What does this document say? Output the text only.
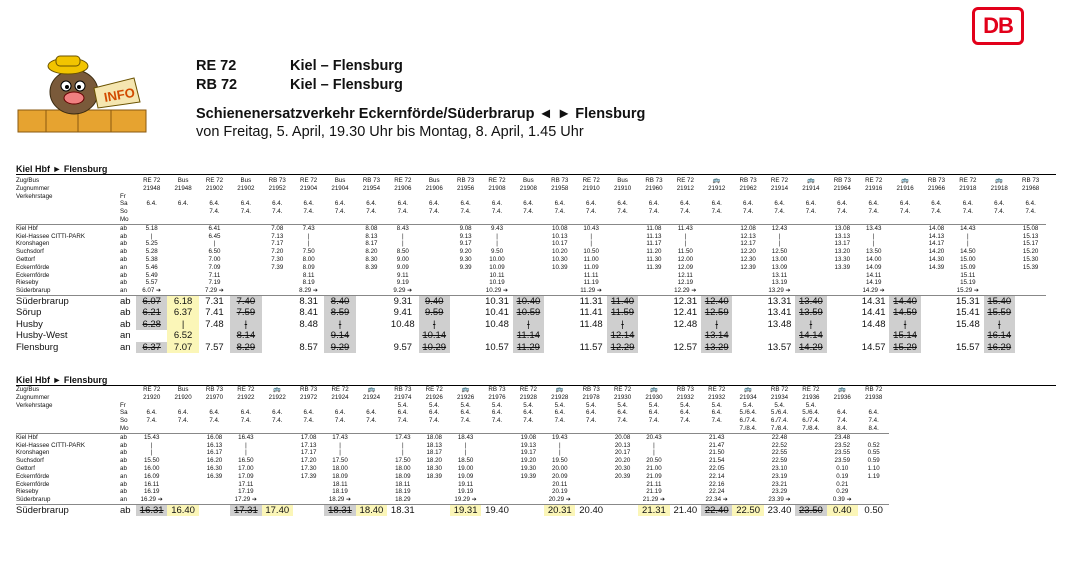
DB
INFO
RE 72	Kiel – Flensburg
RB 72	Kiel – Flensburg
Schienenersatzverkehr Eckernförde/Süderbrarup ◄ ► Flensburg
von Freitag, 5. April, 19.30 Uhr bis Montag, 8. April, 1.45 Uhr
Kiel Hbf ► Flensburg
Zug/Bus		RE 72	Bus	RE 72	Bus	RB 73	RE 72	Bus	RB 73	RE 72	Bus	RB 73	RE 72	Bus	RB 73	RE 72	Bus	RB 73	RE 72	🚌	RB 73	RE 72	🚌	RB 73	RE 72	🚌	RB 73	RE 72	🚌	RB 73
Zugnummer		21948	21948	21902	21902	21952	21904	21904	21954	21906	21906	21956	21908	21908	21958	21910	21910	21960	21912	21912	21962	21914	21914	21964	21916	21916	21966	21918	21918	21968
Verkehrstage	Fr																													
	Sa	6.4.	6.4.	6.4.	6.4.	6.4.	6.4.	6.4.	6.4.	6.4.	6.4.	6.4.	6.4.	6.4.	6.4.	6.4.	6.4.	6.4.	6.4.	6.4.	6.4.	6.4.	6.4.	6.4.	6.4.	6.4.	6.4.	6.4.	6.4.	6.4.
	So			7.4.	7.4.	7.4.	7.4.	7.4.	7.4.	7.4.	7.4.	7.4.	7.4.	7.4.	7.4.	7.4.	7.4.	7.4.	7.4.	7.4.	7.4.	7.4.	7.4.	7.4.	7.4.	7.4.	7.4.	7.4.	7.4.	7.4.
	Mo																													
Kiel Hbf	ab	5.18		6.41		7.08	7.43		8.08	8.43		9.08	9.43		10.08	10.43		11.08	11.43		12.08	12.43		13.08	13.43		14.08	14.43		15.08
Kiel-Hassee CITTI-PARK	ab	|		6.45		7.13	|		8.13	|		9.13	|		10.13	|		11.13	|		12.13	|		13.13	|		14.13	|		15.13
Kronshagen	ab	5.25		|		7.17	|		8.17	|		9.17	|		10.17	|		11.17	|		12.17	|		13.17	|		14.17	|		15.17
Suchsdorf	ab	5.28		6.50		7.20	7.50		8.20	8.50		9.20	9.50		10.20	10.50		11.20	11.50		12.20	12.50		13.20	13.50		14.20	14.50		15.20
Gettorf	ab	5.38		7.00		7.30	8.00		8.30	9.00		9.30	10.00		10.30	11.00		11.30	12.00		12.30	13.00		13.30	14.00		14.30	15.00		15.30
Eckernförde	an	5.46		7.09		7.39	8.09		8.39	9.09		9.39	10.09		10.39	11.09		11.39	12.09		12.39	13.09		13.39	14.09		14.39	15.09		15.39
Eckernförde	ab	5.49		7.11			8.11			9.11			10.11			11.11			12.11			13.11			14.11			15.11		
Rieseby	ab	5.57		7.19			8.19			9.19			10.19			11.19			12.19			13.19			14.19			15.19		
Süderbrarup	an	6.07 ➔		7.29 ➔			8.29 ➔			9.29 ➔			10.29 ➔			11.29 ➔			12.29 ➔			13.29 ➔			14.29 ➔			15.29 ➔		
Süderbrarup	ab	6.07	6.18	7.31	7.40		8.31	8.40		9.31	9.40		10.31	10.40		11.31	11.40		12.31	12.40		13.31	13.40		14.31	14.40		15.31	15.40	
Sörup	ab	6.21	6.37	7.41	7.59		8.41	8.59		9.41	9.59		10.41	10.59		11.41	11.59		12.41	12.59		13.41	13.59		14.41	14.59		15.41	15.59	
Husby	ab	6.28	|	7.48	|		8.48	|		10.48	|		10.48	|		11.48	|		12.48	|		13.48	|		14.48	|		15.48	|	
Husby-West	an		6.52		8.14			9.14			10.14			11.14			12.14			13.14			14.14			15.14			16.14	
Flensburg	an	6.37	7.07	7.57	8.29		8.57	9.29		9.57	10.29		10.57	11.29		11.57	12.29		12.57	13.29		13.57	14.29		14.57	15.29		15.57	16.29	
Kiel Hbf ► Flensburg
Zug/Bus		RE 72	Bus	RB 73	RE 72	🚌	RB 73	RE 72	🚌	RB 73	RE 72	🚌	RB 73	RE 72	🚌	RB 73	RE 72	🚌	RB 73	RE 72	🚌	RB 72	RE 72	🚌	RB 72
Zugnummer		21920	21920	21970	21922	21922	21972	21924	21924	21974	21926	21926	21976	21928	21928	21978	21930	21930	21932	21932	21934	21934	21936	21936	21938
Verkehrstage	Fr									5.4.	5.4.	5.4.	5.4.	5.4.	5.4.	5.4.	5.4.	5.4.	5.4.	5.4.	5.4.	5.4.	5.4.		
	Sa	6.4.	6.4.	6.4.	6.4.	6.4.	6.4.	6.4.	6.4.	6.4.	6.4.	6.4.	6.4.	6.4.	6.4.	6.4.	6.4.	6.4.	6.4.	6.4.	5./6.4.	5./6.4.	5./6.4.	6.4.	6.4.
	So	7.4.	7.4.	7.4.	7.4.	7.4.	7.4.	7.4.	7.4.	7.4.	7.4.	7.4.	7.4.	7.4.	7.4.	7.4.	7.4.	7.4.	7.4.	7.4.	6./7.4.	6./7.4.	6./7.4.	7.4.	7.4.
	Mo																				7./8.4.	7./8.4.	7./8.4.	8.4.	8.4.
Kiel Hbf	ab	15.43		16.08	16.43		17.08	17.43		17.43	18.08	18.43		19.08	19.43		20.08	20.43		21.43		22.48		23.48	
Kiel-Hassee CITTI-PARK	ab	|		16.13	|		17.13	|		|	18.13	|		19.13	|		20.13	|		21.47		22.52		23.52	0.52
Kronshagen	ab	|		16.17	|		17.17	|		|	18.17	|		19.17	|		20.17	|		21.50		22.55		23.55	0.55
Suchsdorf	ab	15.50		16.20	16.50		17.20	17.50		17.50	18.20	18.50		19.20	19.50		20.20	20.50		21.54		22.59		23.59	0.59
Gettorf	ab	16.00		16.30	17.00		17.30	18.00		18.00	18.30	19.00		19.30	20.00		20.30	21.00		22.05		23.10		0.10	1.10
Eckernförde	an	16.09		16.39	17.09		17.39	18.09		18.09	18.39	19.09		19.39	20.09		20.39	21.09		22.14		23.19		0.19	1.19
Eckernförde	ab	16.11			17.11			18.11		18.11		19.11			20.11			21.11		22.16		23.21		0.21	
Rieseby	ab	16.19			17.19			18.19		18.19		19.19			20.19			21.19		22.24		23.29		0.29	
Süderbrarup	an	16.29 ➔			17.29 ➔			18.29 ➔		18.29		19.29 ➔			20.29 ➔			21.29 ➔		22.34 ➔		23.39 ➔		0.39 ➔	
Süderbrarup	ab	16.31	16.40		17.31	17.40		18.31	18.40	18.31		19.31	19.40		20.31	20.40		21.31	21.40	22.40	22.50	23.40	23.50	0.40	0.50
